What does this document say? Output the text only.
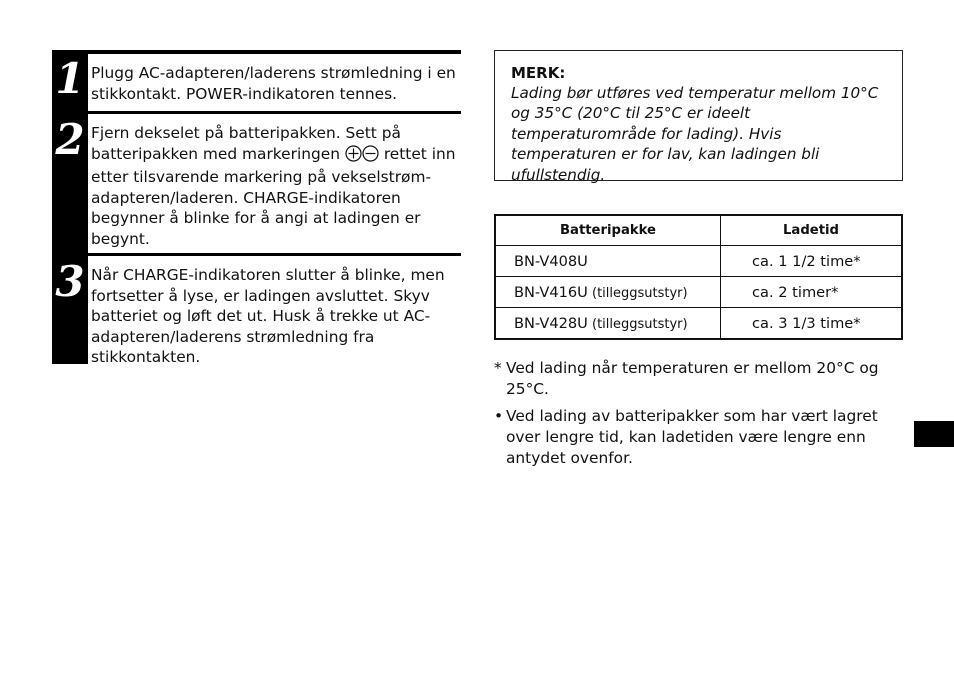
1 Plugg AC-adapteren/laderens strømledning i en stikkontakt. POWER-indikatoren tennes.
2 Fjern dekselet på batteripakken. Sett på batteripakken med markeringen	rettet inn etter tilsvarende markering på vekselstrøm-adapteren/laderen. CHARGE-indikatoren begynner å blinke for å angi at ladingen er begynt.
3 Når CHARGE-indikatoren slutter å blinke, men fortsetter å lyse, er ladingen avsluttet. Skyv batteriet og løft det ut. Husk å trekke ut AC-adapteren/laderens strømledning fra stikkontakten.
MERK:
Lading bør utføres ved temperatur mellom 10°C og 35°C (20°C til 25°C er ideelt temperaturområde for lading). Hvis temperaturen er for lav, kan ladingen bli ufullstendig.
Batteripakke	Ladetid
BN-V408U	ca. 1 1/2 time*
BN-V416U (tilleggsutstyr)	ca. 2 timer*
BN-V428U (tilleggsutstyr)	ca. 3 1/3 time*
* Ved lading når temperaturen er mellom 20°C og 25°C.
• Ved lading av batteripakker som har vært lagret over lengre tid, kan ladetiden være lengre enn antydet ovenfor.
